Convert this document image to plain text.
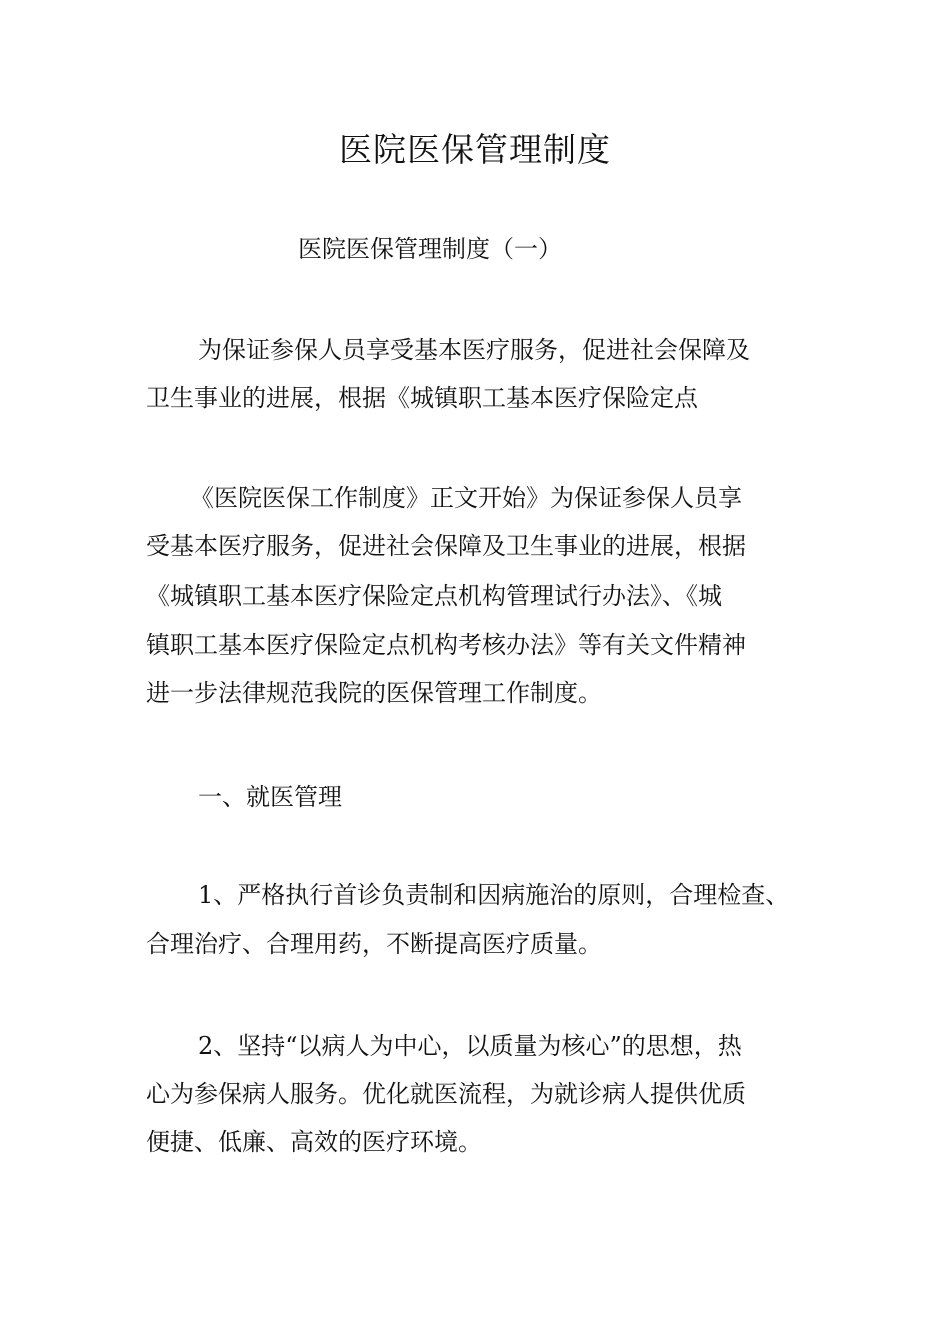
医院医保管理制度
医院医保管理制度（一）
为保证参保人员享受基本医疗服务，促进社会保障及
卫生事业的进展，根据《城镇职工基本医疗保险定点
《医院医保工作制度》正文开始》为保证参保人员享
受基本医疗服务，促进社会保障及卫生事业的进展，根据
《城镇职工基本医疗保险定点机构管理试行办法》、《城
镇职工基本医疗保险定点机构考核办法》等有关文件精神
进一步法律规范我院的医保管理工作制度。
一、就医管理
1、严格执行首诊负责制和因病施治的原则，合理检查、
合理治疗、合理用药，不断提高医疗质量。
2、坚持“以病人为中心，以质量为核心”的思想，热
心为参保病人服务。优化就医流程，为就诊病人提供优质
便捷、低廉、高效的医疗环境。
